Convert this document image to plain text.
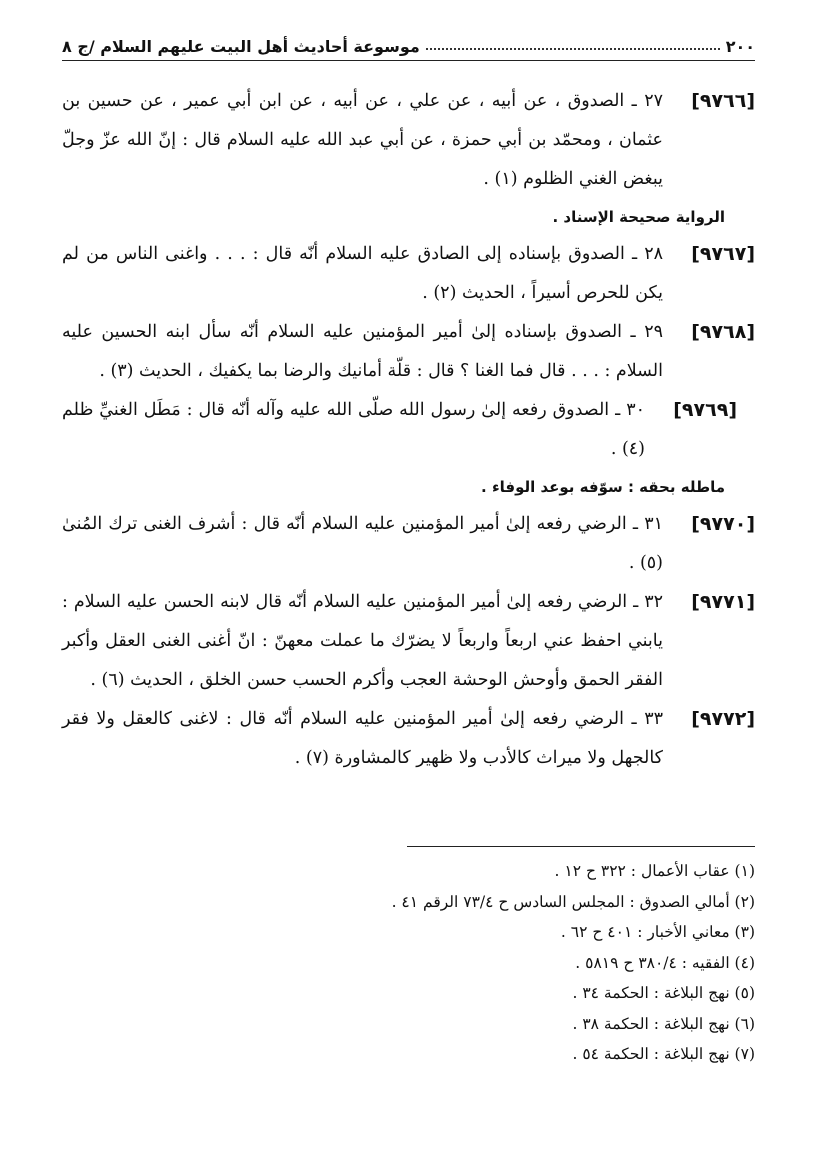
٢٠٠
موسوعة أحاديث أهل البيت عليهم السلام /ج ٨
[٩٧٦٦]
٢٧ ـ الصدوق ، عن أبيه ، عن علي ، عن أبيه ، عن ابن أبي عمير ، عن حسين بن عثمان ، ومحمّد بن أبي حمزة ، عن أبي عبد الله عليه السلام قال : إنّ الله عزّ وجلّ يبغض الغني الظلوم (١) .
الرواية صحيحة الإسناد .
[٩٧٦٧]
٢٨ ـ الصدوق بإسناده إلى الصادق عليه السلام أنّه قال : . . . واغنى الناس من لم يكن للحرص أسيراً ، الحديث (٢) .
[٩٧٦٨]
٢٩ ـ الصدوق بإسناده إلىٰ أمير المؤمنين عليه السلام أنّه سأل ابنه الحسين عليه السلام : . . . قال فما الغنا ؟ قال : قلّة أمانيك والرضا بما يكفيك ، الحديث (٣) .
[٩٧٦٩]
٣٠ ـ الصدوق رفعه إلىٰ رسول الله صلّى الله عليه وآله أنّه قال : مَطَل الغنيِّ ظلم (٤) .
ماطله بحقه : سوّفه بوعد الوفاء .
[٩٧٧٠]
٣١ ـ الرضي رفعه إلىٰ أمير المؤمنين عليه السلام أنّه قال : أشرف الغنى ترك المُنىٰ (٥) .
[٩٧٧١]
٣٢ ـ الرضي رفعه إلىٰ أمير المؤمنين عليه السلام أنّه قال لابنه الحسن عليه السلام : يابني احفظ عني اربعاً واربعاً لا يضرّك ما عملت معهنّ : انّ أغنى الغنى العقل وأكبر الفقر الحمق وأوحش الوحشة العجب وأكرم الحسب حسن الخلق ، الحديث (٦) .
[٩٧٧٢]
٣٣ ـ الرضي رفعه إلىٰ أمير المؤمنين عليه السلام أنّه قال : لاغنى كالعقل ولا فقر كالجهل ولا ميراث كالأدب ولا ظهير كالمشاورة (٧) .
(١) عقاب الأعمال : ٣٢٢ ح ١٢ .
(٢) أمالي الصدوق : المجلس السادس ح ٧٣/٤ الرقم ٤١ .
(٣) معاني الأخبار : ٤٠١ ح ٦٢ .
(٤) الفقيه : ٣٨٠/٤ ح ٥٨١٩ .
(٥) نهج البلاغة : الحكمة ٣٤ .
(٦) نهج البلاغة : الحكمة ٣٨ .
(٧) نهج البلاغة : الحكمة ٥٤ .
